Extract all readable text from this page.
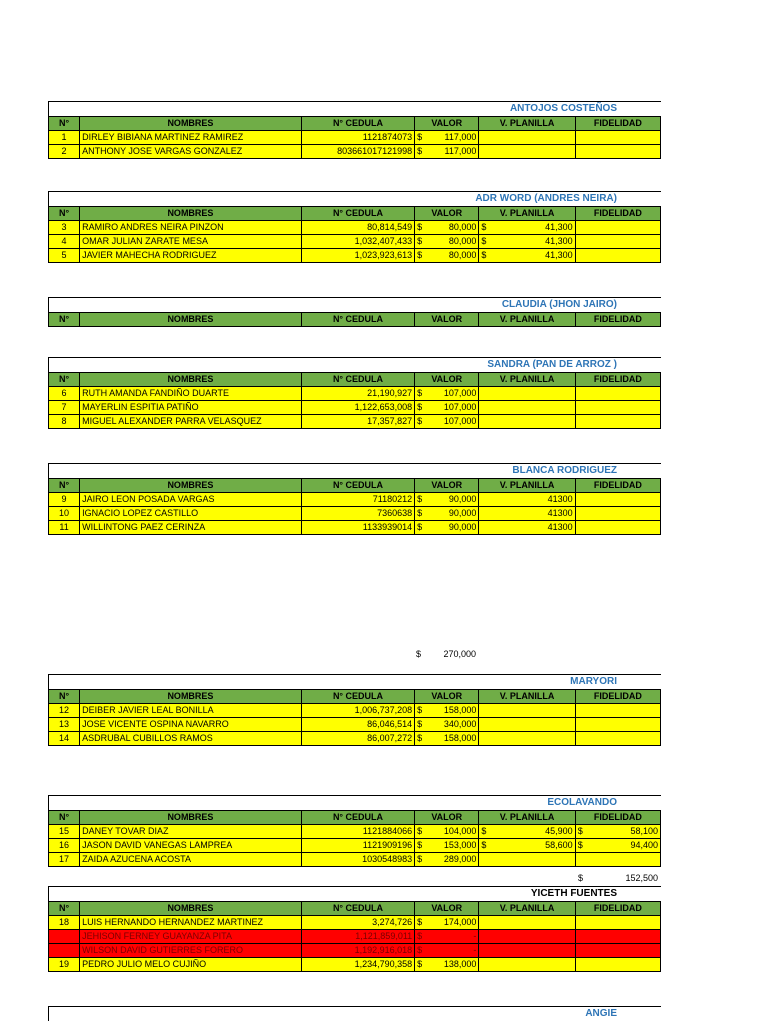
ANTOJOS COSTEÑOS
N°	NOMBRES	N° CEDULA	VALOR	V. PLANILLA	FIDELIDAD
1	DIRLEY BIBIANA MARTINEZ RAMIREZ	1121874073	$ 117,000	

2	ANTHONY JOSE VARGAS GONZALEZ	803661017121998	$ 117,000	

ADR WORD (ANDRES NEIRA)
N°	NOMBRES	N° CEDULA	VALOR	V. PLANILLA	FIDELIDAD
3	RAMIRO ANDRES NEIRA PINZON	80,814,549	$ 80,000	$ 41,300	

4	OMAR JULIAN ZARATE MESA	1,032,407,433	$ 80,000	$ 41,300	

5	JAVIER MAHECHA RODRIGUEZ	1,023,923,613	$ 80,000	$ 41,300	
CLAUDIA (JHON JAIRO)
N°	NOMBRES	N° CEDULA	VALOR	V. PLANILLA	FIDELIDAD
SANDRA (PAN DE ARROZ )
N°	NOMBRES	N° CEDULA	VALOR	V. PLANILLA	FIDELIDAD
6	RUTH AMANDA FANDIÑO DUARTE	21,190,927	$ 107,000	

7	MAYERLIN ESPITIA PATIÑO	1,122,653,008	$ 107,000	

8	MIGUEL ALEXANDER PARRA VELASQUEZ	17,357,827	$ 107,000	

BLANCA RODRIGUEZ
N°	NOMBRES	N° CEDULA	VALOR	V. PLANILLA	FIDELIDAD
9	JAIRO LEON POSADA VARGAS	71180212	$ 90,000	41300	

10	IGNACIO LOPEZ CASTILLO	7360638	$ 90,000	41300	

11	WILLINTONG PAEZ CERINZA	1133939014	$ 90,000	41300	
MARYORI
N°	NOMBRES	N° CEDULA	VALOR	V. PLANILLA	FIDELIDAD
12	DEIBER JAVIER LEAL BONILLA	1,006,737,208	$ 158,000	

13	JOSE VICENTE OSPINA NAVARRO	86,046,514	$ 340,000	

14	ASDRUBAL CUBILLOS RAMOS	86,007,272	$ 158,000	

ECOLAVANDO
N°	NOMBRES	N° CEDULA	VALOR	V. PLANILLA	FIDELIDAD
15	DANEY TOVAR DIAZ	1121884066	$ 104,000	$ 45,900	$ 58,100
16	JASON DAVID VANEGAS LAMPREA	1121909196	$ 153,000	$ 58,600	$ 94,400
17	ZAIDA AZUCENA ACOSTA	1030548983	$ 289,000	

YICETH FUENTES
N°	NOMBRES	N° CEDULA	VALOR	V. PLANILLA	FIDELIDAD
18	LUIS HERNANDO HERNANDEZ MARTINEZ	3,274,726	$ 174,000	

	JEHISON FERNEY GUAYANZA PITA	1,121,859,011	$ -	

	WILSON DAVID GUTIERRES FORERO	1,192,916,018	$ -	

19	PEDRO JULIO MELO CUJIÑO	1,234,790,358	$ 138,000	

ANGIE
$ 270,000
$	152,500
